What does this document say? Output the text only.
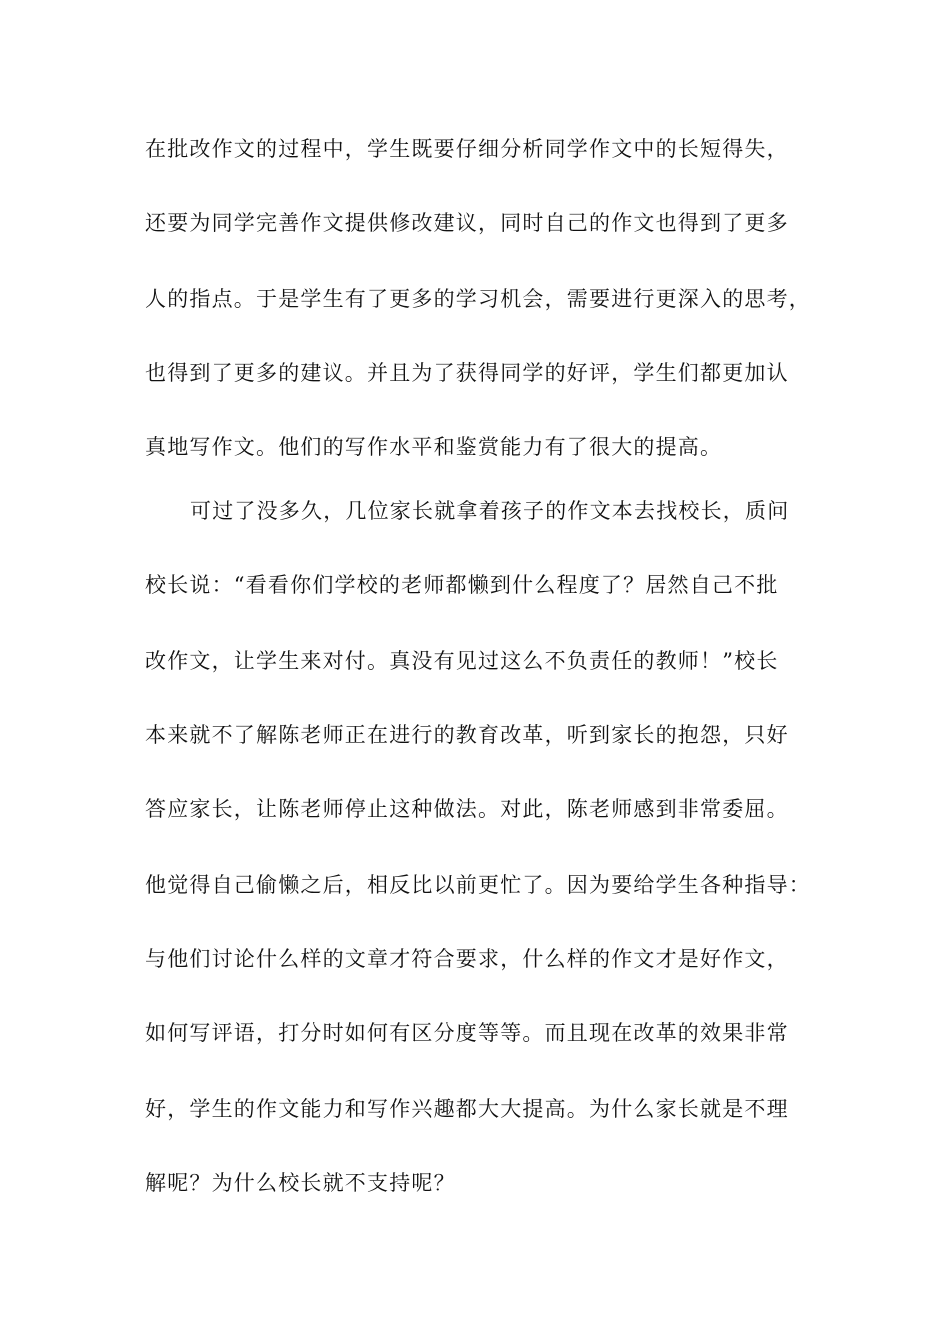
在批改作文的过程中，学生既要仔细分析同学作文中的长短得失，
还要为同学完善作文提供修改建议，同时自己的作文也得到了更多
人的指点。于是学生有了更多的学习机会，需要进行更深入的思考，
也得到了更多的建议。并且为了获得同学的好评，学生们都更加认
真地写作文。他们的写作水平和鉴赏能力有了很大的提高。
可过了没多久，几位家长就拿着孩子的作文本去找校长，质问
校长说：“看看你们学校的老师都懒到什么程度了？居然自己不批
改作文，让学生来对付。真没有见过这么不负责任的教师！”校长
本来就不了解陈老师正在进行的教育改革，听到家长的抱怨，只好
答应家长，让陈老师停止这种做法。对此，陈老师感到非常委屈。
他觉得自己偷懒之后，相反比以前更忙了。因为要给学生各种指导：
与他们讨论什么样的文章才符合要求，什么样的作文才是好作文，
如何写评语，打分时如何有区分度等等。而且现在改革的效果非常
好，学生的作文能力和写作兴趣都大大提高。为什么家长就是不理
解呢？为什么校长就不支持呢？
